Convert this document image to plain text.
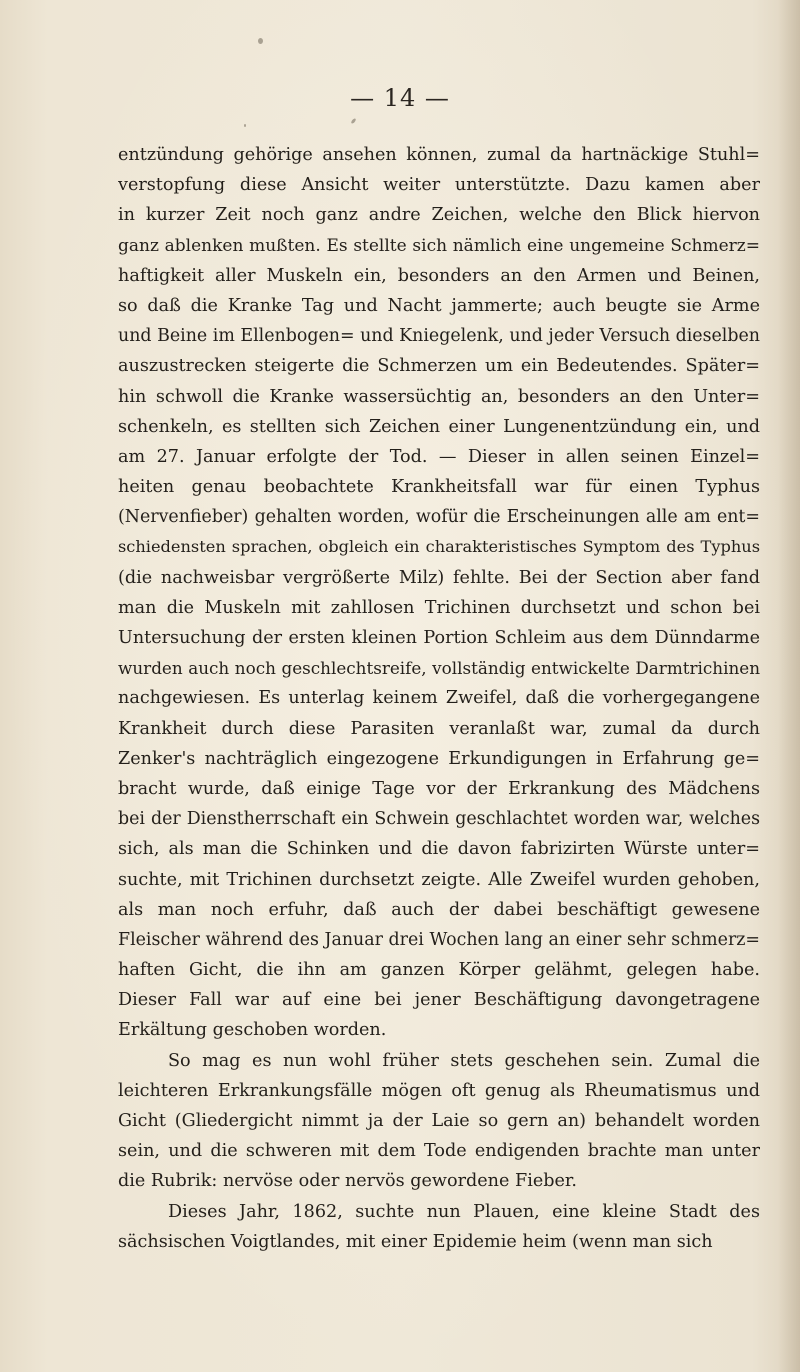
— 14 —
entzündung gehörige ansehen können, zumal da hartnäckige Stuhl=
verstopfung diese Ansicht weiter unterstützte. Dazu kamen aber
in kurzer Zeit noch ganz andre Zeichen, welche den Blick hiervon
ganz ablenken mußten. Es stellte sich nämlich eine ungemeine Schmerz=
haftigkeit aller Muskeln ein, besonders an den Armen und Beinen,
so daß die Kranke Tag und Nacht jammerte; auch beugte sie Arme
und Beine im Ellenbogen= und Kniegelenk, und jeder Versuch dieselben
auszustrecken steigerte die Schmerzen um ein Bedeutendes. Später=
hin schwoll die Kranke wassersüchtig an, besonders an den Unter=
schenkeln, es stellten sich Zeichen einer Lungenentzündung ein, und
am 27. Januar erfolgte der Tod. — Dieser in allen seinen Einzel=
heiten genau beobachtete Krankheitsfall war für einen Typhus
(Nervenfieber) gehalten worden, wofür die Erscheinungen alle am ent=
schiedensten sprachen, obgleich ein charakteristisches Symptom des Typhus
(die nachweisbar vergrößerte Milz) fehlte. Bei der Section aber fand
man die Muskeln mit zahllosen Trichinen durchsetzt und schon bei
Untersuchung der ersten kleinen Portion Schleim aus dem Dünndarme
wurden auch noch geschlechtsreife, vollständig entwickelte Darmtrichinen
nachgewiesen. Es unterlag keinem Zweifel, daß die vorhergegangene
Krankheit durch diese Parasiten veranlaßt war, zumal da durch
Zenker's nachträglich eingezogene Erkundigungen in Erfahrung ge=
bracht wurde, daß einige Tage vor der Erkrankung des Mädchens
bei der Dienstherrschaft ein Schwein geschlachtet worden war, welches
sich, als man die Schinken und die davon fabrizirten Würste unter=
suchte, mit Trichinen durchsetzt zeigte. Alle Zweifel wurden gehoben,
als man noch erfuhr, daß auch der dabei beschäftigt gewesene
Fleischer während des Januar drei Wochen lang an einer sehr schmerz=
haften Gicht, die ihn am ganzen Körper gelähmt, gelegen habe.
Dieser Fall war auf eine bei jener Beschäftigung davongetragene
Erkältung geschoben worden.
So mag es nun wohl früher stets geschehen sein. Zumal die
leichteren Erkrankungsfälle mögen oft genug als Rheumatismus und
Gicht (Gliedergicht nimmt ja der Laie so gern an) behandelt worden
sein, und die schweren mit dem Tode endigenden brachte man unter
die Rubrik: nervöse oder nervös gewordene Fieber.
Dieses Jahr, 1862, suchte nun Plauen, eine kleine Stadt des
sächsischen Voigtlandes, mit einer Epidemie heim (wenn man sich
